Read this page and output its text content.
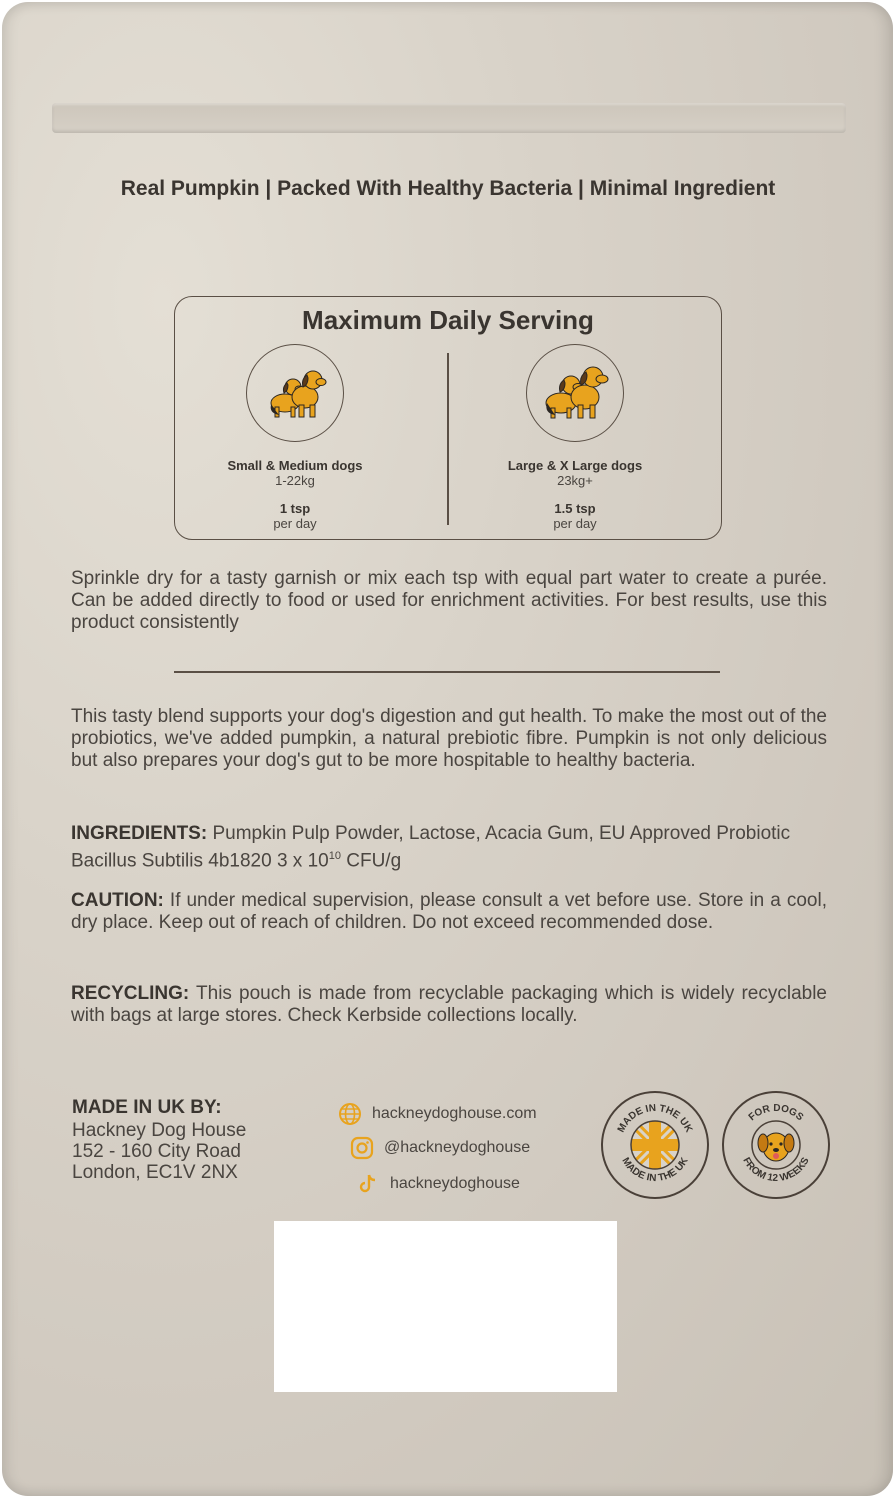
Real Pumpkin | Packed With Healthy Bacteria | Minimal Ingredient
Maximum Daily Serving
Small & Medium dogs
1-22kg
1 tsp
per day
Large & X Large dogs
23kg+
1.5 tsp
per day
Sprinkle dry for a tasty garnish or mix each tsp with equal part water to create a purée. Can be added directly to food or used for enrichment activities. For best results, use this product consistently
This tasty blend supports your dog's digestion and gut health. To make the most out of the probiotics, we've added pumpkin, a natural prebiotic fibre. Pumpkin is not only delicious but also prepares your dog's gut to be more hospitable to healthy bacteria.
INGREDIENTS: Pumpkin Pulp Powder, Lactose, Acacia Gum, EU Approved Probiotic Bacillus Subtilis 4b1820 3 x $10^{10}$ CFU/g
CAUTION: If under medical supervision, please consult a vet before use. Store in a cool, dry place. Keep out of reach of children. Do not exceed recommended dose.
RECYCLING: This pouch is made from recyclable packaging which is widely recyclable with bags at large stores. Check Kerbside collections locally.
MADE IN UK BY:
Hackney Dog House
152 - 160 City Road
London, EC1V 2NX
hackneydoghouse.com
@hackneydoghouse
hackneydoghouse
MADE IN THE UK
MADE IN THE UK
FOR DOGS
FROM 12 WEEKS
